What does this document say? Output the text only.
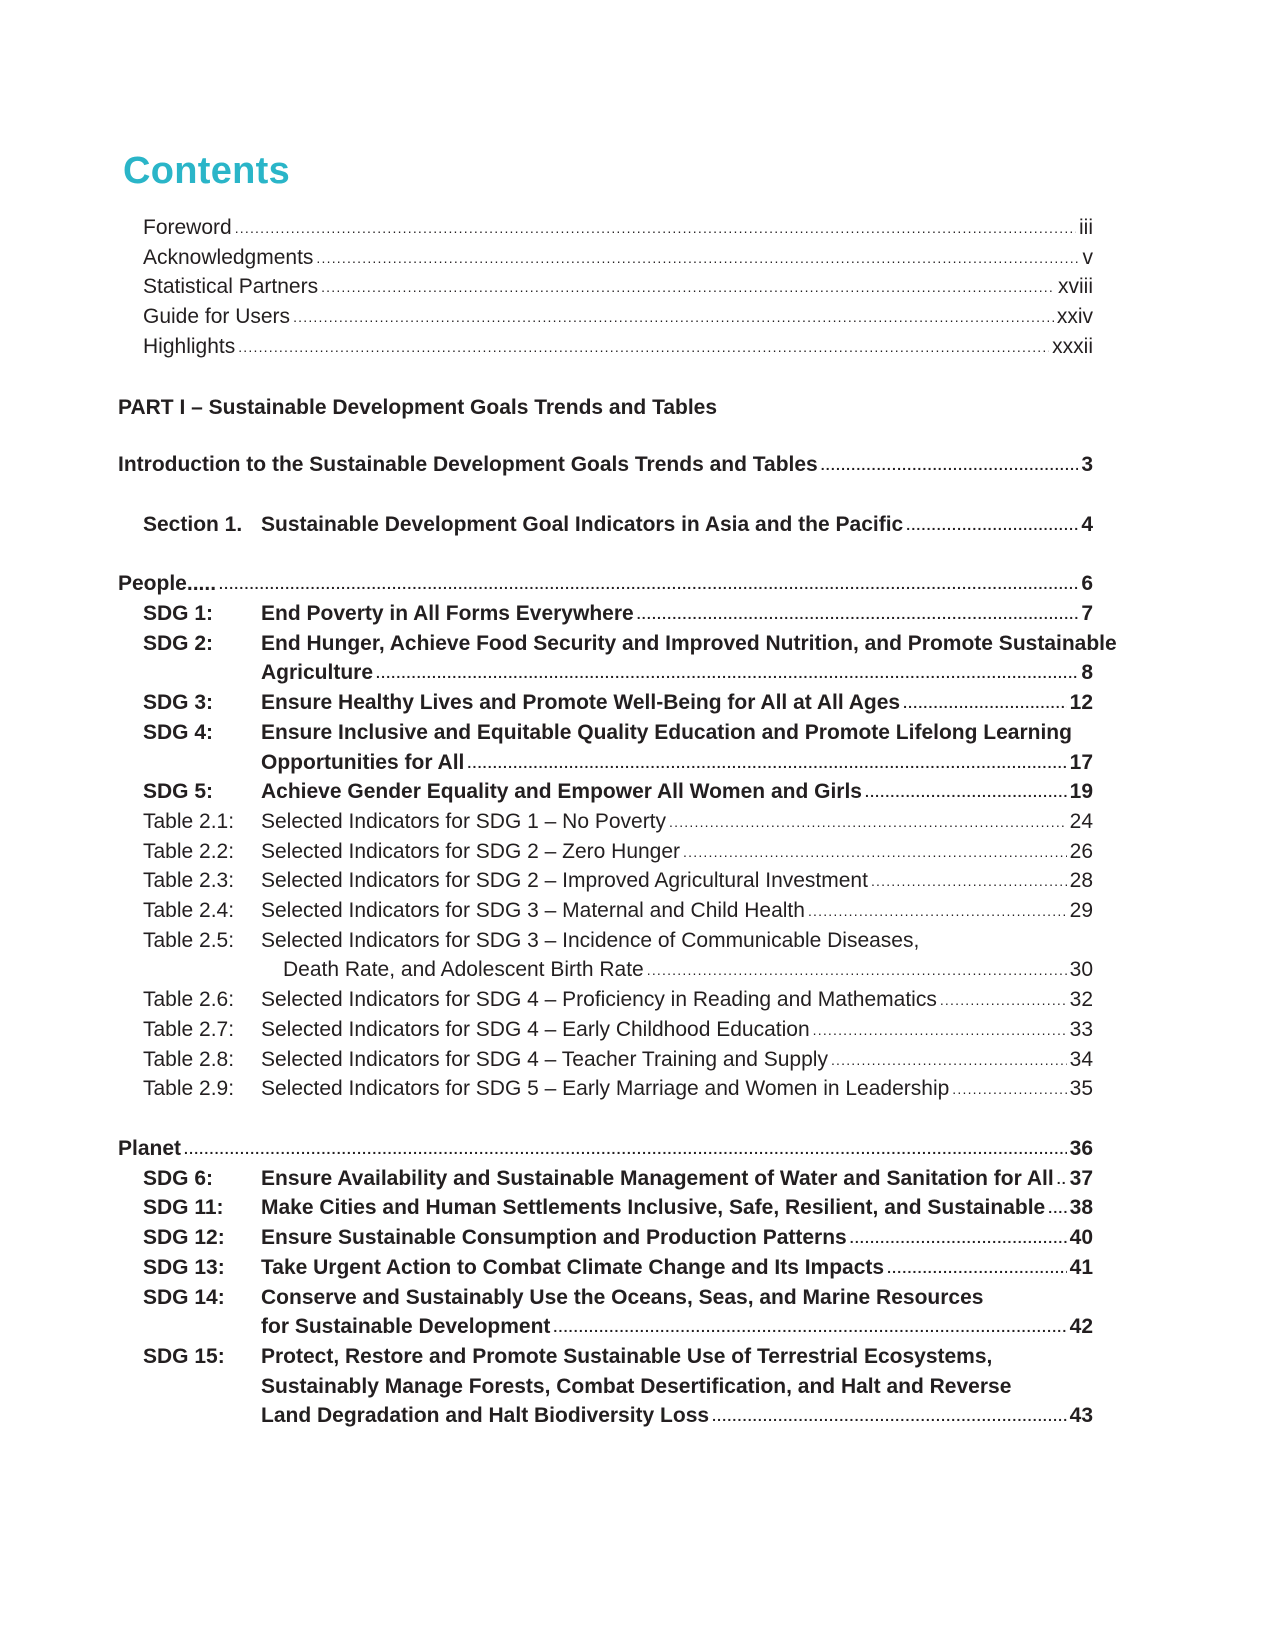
Contents
Foreword .....	iii
Acknowledgments .....	v
Statistical Partners .....	xviii
Guide for Users .....	xxiv
Highlights .....	xxxii
PART I – Sustainable Development Goals Trends and Tables
Introduction to the Sustainable Development Goals Trends and Tables .....	3
Section 1. Sustainable Development Goal Indicators in Asia and the Pacific .....	4
People..... .....	6
SDG 1: End Poverty in All Forms Everywhere .....	7
SDG 2: End Hunger, Achieve Food Security and Improved Nutrition, and Promote Sustainable
Agriculture .....	8
SDG 3: Ensure Healthy Lives and Promote Well-Being for All at All Ages .....	12
SDG 4: Ensure Inclusive and Equitable Quality Education and Promote Lifelong Learning
Opportunities for All .....	17
SDG 5: Achieve Gender Equality and Empower All Women and Girls .....	19
Table 2.1: Selected Indicators for SDG 1 – No Poverty .....	24
Table 2.2: Selected Indicators for SDG 2 – Zero Hunger .....	26
Table 2.3: Selected Indicators for SDG 2 – Improved Agricultural Investment .....	28
Table 2.4: Selected Indicators for SDG 3 – Maternal and Child Health .....	29
Table 2.5: Selected Indicators for SDG 3 – Incidence of Communicable Diseases,
Death Rate, and Adolescent Birth Rate .....	30
Table 2.6: Selected Indicators for SDG 4 – Proficiency in Reading and Mathematics .....	32
Table 2.7: Selected Indicators for SDG 4 – Early Childhood Education .....	33
Table 2.8: Selected Indicators for SDG 4 – Teacher Training and Supply .....	34
Table 2.9: Selected Indicators for SDG 5 – Early Marriage and Women in Leadership .....	35
Planet .....	36
SDG 6: Ensure Availability and Sustainable Management of Water and Sanitation for All ..... 37
SDG 11: Make Cities and Human Settlements Inclusive, Safe, Resilient, and Sustainable ..... 38
SDG 12: Ensure Sustainable Consumption and Production Patterns .....	40
SDG 13: Take Urgent Action to Combat Climate Change and Its Impacts .....	41
SDG 14: Conserve and Sustainably Use the Oceans, Seas, and Marine Resources
for Sustainable Development .....	42
SDG 15: Protect, Restore and Promote Sustainable Use of Terrestrial Ecosystems,
Sustainably Manage Forests, Combat Desertification, and Halt and Reverse
Land Degradation and Halt Biodiversity Loss .....	43
